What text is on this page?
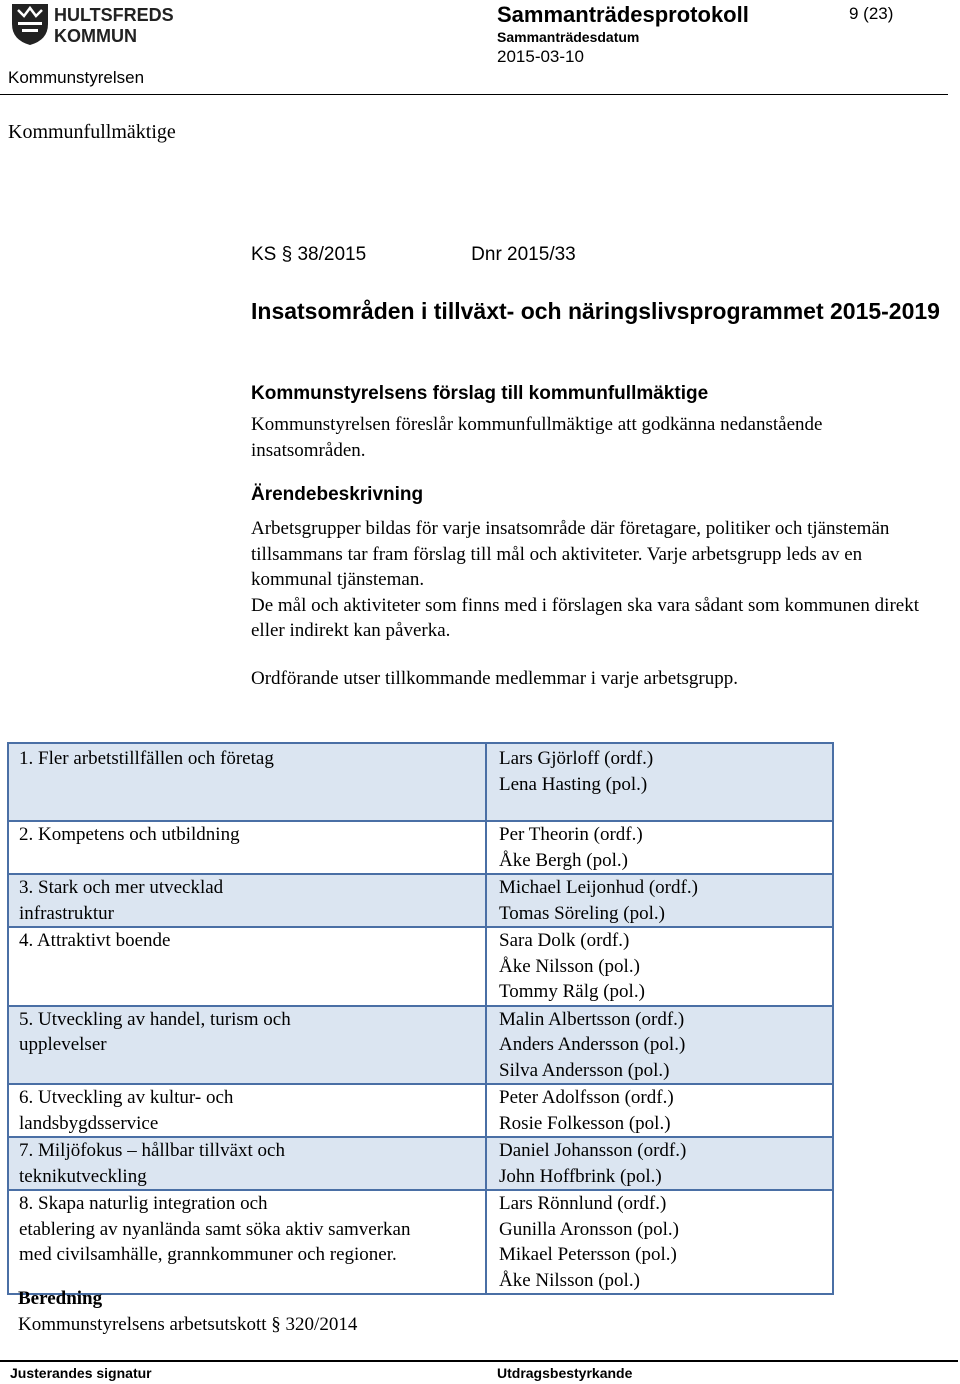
HULTSFREDS
KOMMUN
Sammanträdesprotokoll	9 (23)
Sammanträdesdatum
2015-03-10
Kommunstyrelsen
Kommunfullmäktige
KS § 38/2015	Dnr 2015/33
Insatsområden i tillväxt- och näringslivsprogrammet 2015-2019
Kommunstyrelsens förslag till kommunfullmäktige
Kommunstyrelsen föreslår kommunfullmäktige att godkänna nedanstående insatsområden.
Ärendebeskrivning

Arbetsgrupper bildas för varje insatsområde där företagare, politiker och tjänstemän tillsammans tar fram förslag till mål och aktiviteter. Varje arbetsgrupp leds av en kommunal tjänsteman.

De mål och aktiviteter som finns med i förslagen ska vara sådant som kommunen direkt eller indirekt kan påverka.

Ordförande utser tillkommande medlemmar i varje arbetsgrupp.
1. Fler arbetstillfällen och företag	Lars Gjörloff (ordf.)
Lena Hasting (pol.)

2. Kompetens och utbildning	Per Theorin (ordf.)
Åke Bergh (pol.)

3. Stark och mer utvecklad
infrastruktur	Michael Leijonhud (ordf.)
Tomas Söreling (pol.)

4. Attraktivt boende	Sara Dolk (ordf.)
Åke Nilsson (pol.)
Tommy Rälg (pol.)

5. Utveckling av handel, turism och
upplevelser	Malin Albertsson (ordf.)
Anders Andersson (pol.)
Silva Andersson (pol.)

6. Utveckling av kultur- och
landsbygdsservice	Peter Adolfsson (ordf.)
Rosie Folkesson (pol.)

7. Miljöfokus – hållbar tillväxt och
teknikutveckling	Daniel Johansson (ordf.)
John Hoffbrink (pol.)

8. Skapa naturlig integration och
etablering av nyanlända samt söka aktiv samverkan
med civilsamhälle, grannkommuner och regioner.	Lars Rönnlund (ordf.)
Gunilla Aronsson (pol.)
Mikael Petersson (pol.)
Åke Nilsson (pol.)
Beredning
Kommunstyrelsens arbetsutskott § 320/2014
Justerandes signatur	Utdragsbestyrkande
